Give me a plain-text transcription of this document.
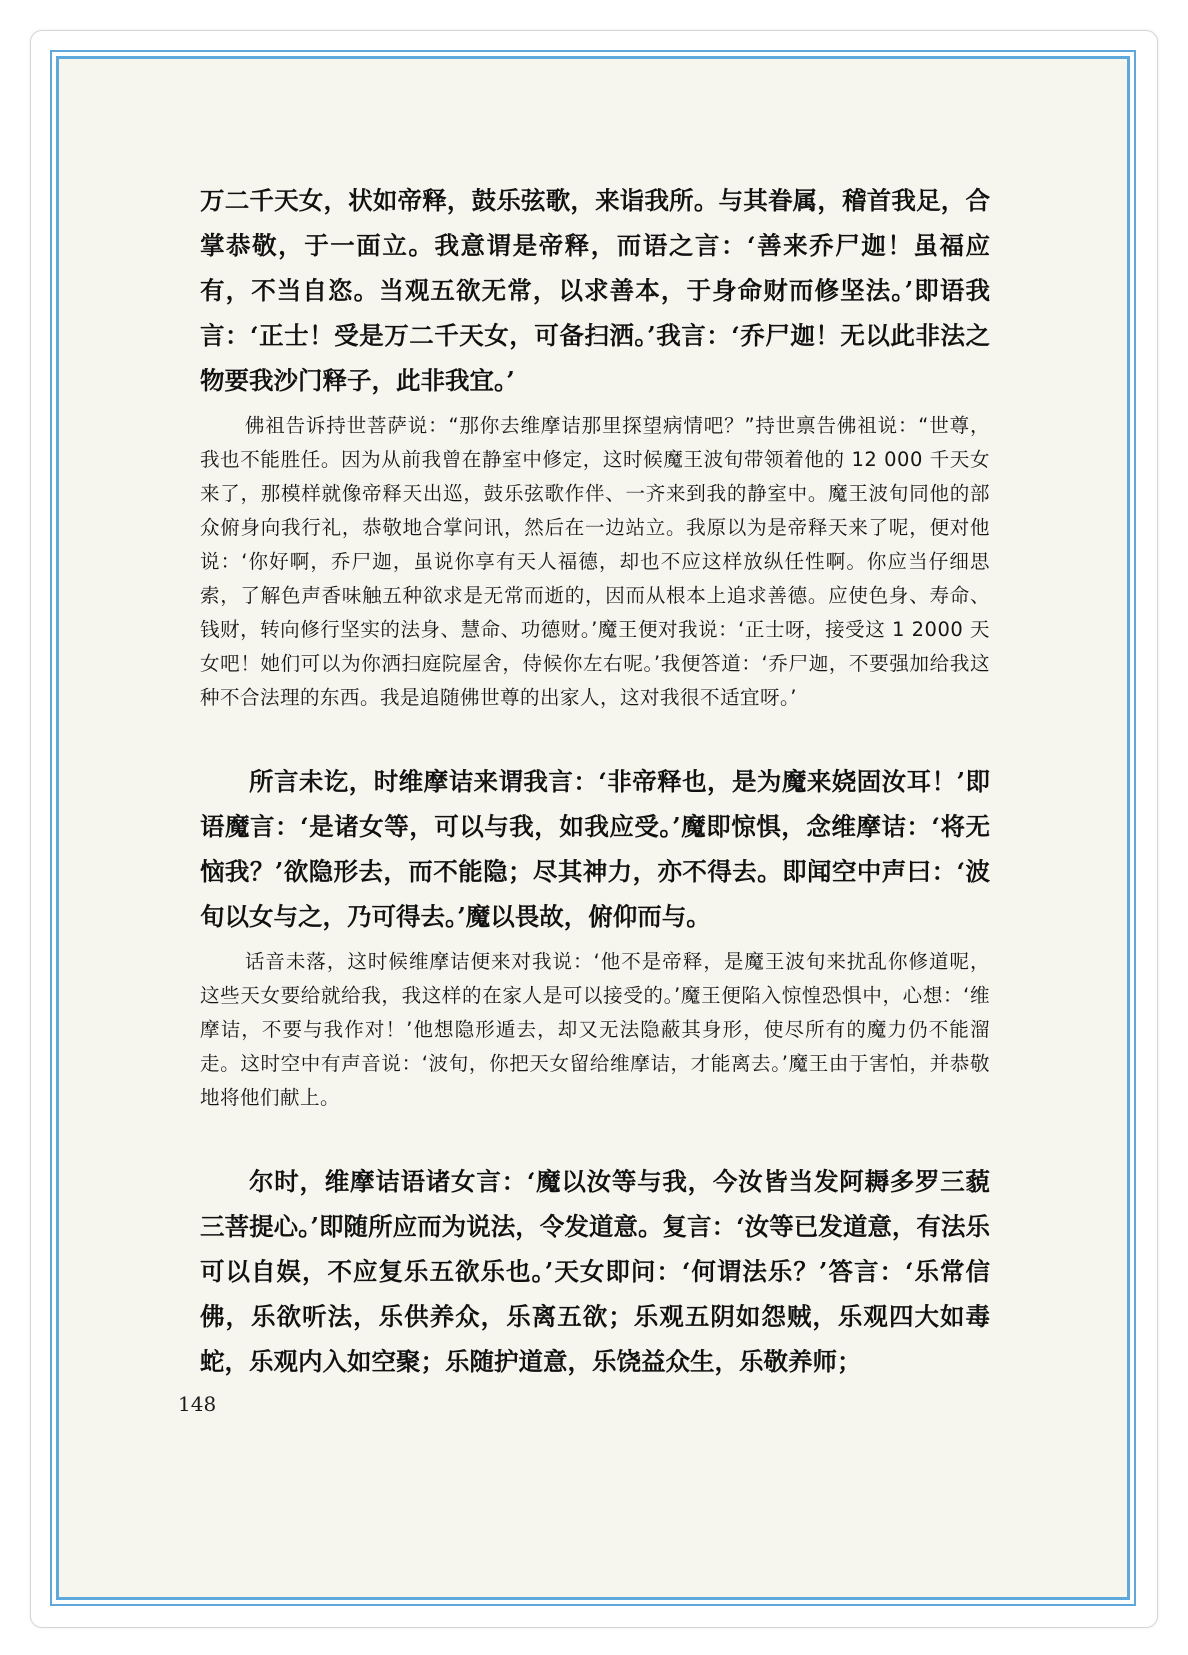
万二千天女，状如帝释，鼓乐弦歌，来诣我所。与其眷属，稽首我足，合掌恭敬，于一面立。我意谓是帝释，而语之言：‘善来乔尸迦！虽福应有，不当自恣。当观五欲无常，以求善本，于身命财而修坚法。’即语我言：‘正士！受是万二千天女，可备扫洒。’我言：‘乔尸迦！无以此非法之物要我沙门释子，此非我宜。’

佛祖告诉持世菩萨说：“那你去维摩诘那里探望病情吧？”持世禀告佛祖说：“世尊，我也不能胜任。因为从前我曾在静室中修定，这时候魔王波旬带领着他的 12 000 千天女来了，那模样就像帝释天出巡，鼓乐弦歌作伴、一齐来到我的静室中。魔王波旬同他的部众俯身向我行礼，恭敬地合掌问讯，然后在一边站立。我原以为是帝释天来了呢，便对他说：‘你好啊，乔尸迦，虽说你享有天人福德，却也不应这样放纵任性啊。你应当仔细思索，了解色声香味触五种欲求是无常而逝的，因而从根本上追求善德。应使色身、寿命、钱财，转向修行坚实的法身、慧命、功德财。’魔王便对我说：‘正士呀，接受这 1 2000 天女吧！她们可以为你洒扫庭院屋舍，侍候你左右呢。’我便答道：‘乔尸迦，不要强加给我这种不合法理的东西。我是追随佛世尊的出家人，这对我很不适宜呀。’

所言未讫，时维摩诘来谓我言：‘非帝释也，是为魔来娆固汝耳！’即语魔言：‘是诸女等，可以与我，如我应受。’魔即惊惧，念维摩诘：‘将无恼我？’欲隐形去，而不能隐；尽其神力，亦不得去。即闻空中声曰：‘波旬以女与之，乃可得去。’魔以畏故，俯仰而与。

话音未落，这时候维摩诘便来对我说：‘他不是帝释，是魔王波旬来扰乱你修道呢，这些天女要给就给我，我这样的在家人是可以接受的。’魔王便陷入惊惶恐惧中，心想：‘维摩诘，不要与我作对！’他想隐形遁去，却又无法隐蔽其身形，使尽所有的魔力仍不能溜走。这时空中有声音说：‘波旬，你把天女留给维摩诘，才能离去。’魔王由于害怕，并恭敬地将他们献上。

尔时，维摩诘语诸女言：‘魔以汝等与我，今汝皆当发阿耨多罗三藐三菩提心。’即随所应而为说法，令发道意。复言：‘汝等已发道意，有法乐可以自娱，不应复乐五欲乐也。’天女即问：‘何谓法乐？’答言：‘乐常信佛，乐欲听法，乐供养众，乐离五欲；乐观五阴如怨贼，乐观四大如毒蛇，乐观内入如空聚；乐随护道意，乐饶益众生，乐敬养师；

148
